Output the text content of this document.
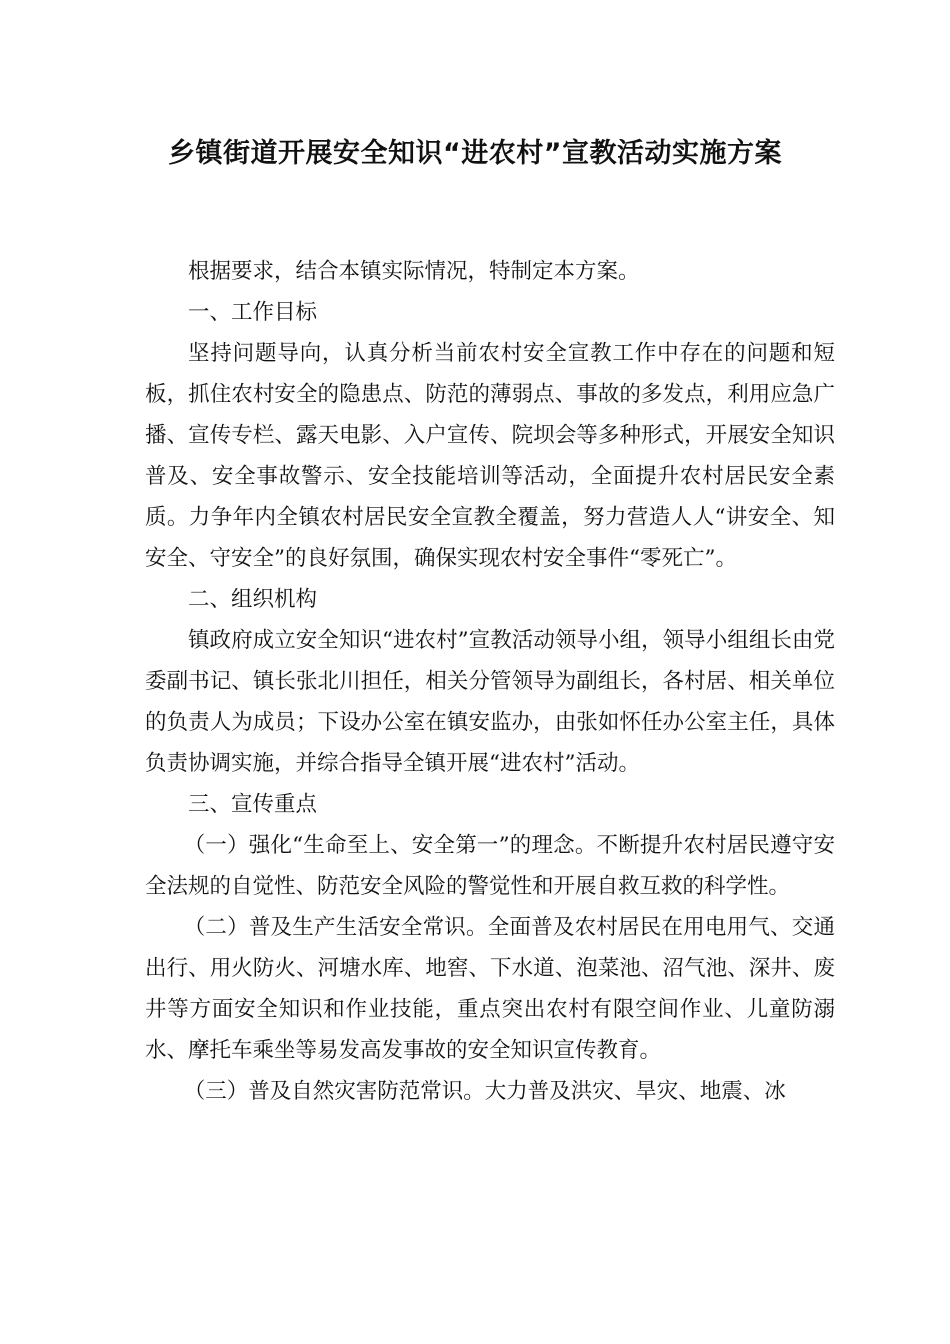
乡镇街道开展安全知识“进农村”宣教活动实施方案

根据要求，结合本镇实际情况，特制定本方案。

一、工作目标

坚持问题导向，认真分析当前农村安全宣教工作中存在的问题和短板，抓住农村安全的隐患点、防范的薄弱点、事故的多发点，利用应急广播、宣传专栏、露天电影、入户宣传、院坝会等多种形式，开展安全知识普及、安全事故警示、安全技能培训等活动，全面提升农村居民安全素质。力争年内全镇农村居民安全宣教全覆盖，努力营造人人“讲安全、知安全、守安全”的良好氛围，确保实现农村安全事件“零死亡”。

二、组织机构

镇政府成立安全知识“进农村”宣教活动领导小组，领导小组组长由党委副书记、镇长张北川担任，相关分管领导为副组长，各村居、相关单位的负责人为成员；下设办公室在镇安监办，由张如怀任办公室主任，具体负责协调实施，并综合指导全镇开展“进农村”活动。

三、宣传重点

（一）强化“生命至上、安全第一”的理念。不断提升农村居民遵守安全法规的自觉性、防范安全风险的警觉性和开展自救互救的科学性。

（二）普及生产生活安全常识。全面普及农村居民在用电用气、交通出行、用火防火、河塘水库、地窖、下水道、泡菜池、沼气池、深井、废井等方面安全知识和作业技能，重点突出农村有限空间作业、儿童防溺水、摩托车乘坐等易发高发事故的安全知识宣传教育。

（三）普及自然灾害防范常识。大力普及洪灾、旱灾、地震、冰
